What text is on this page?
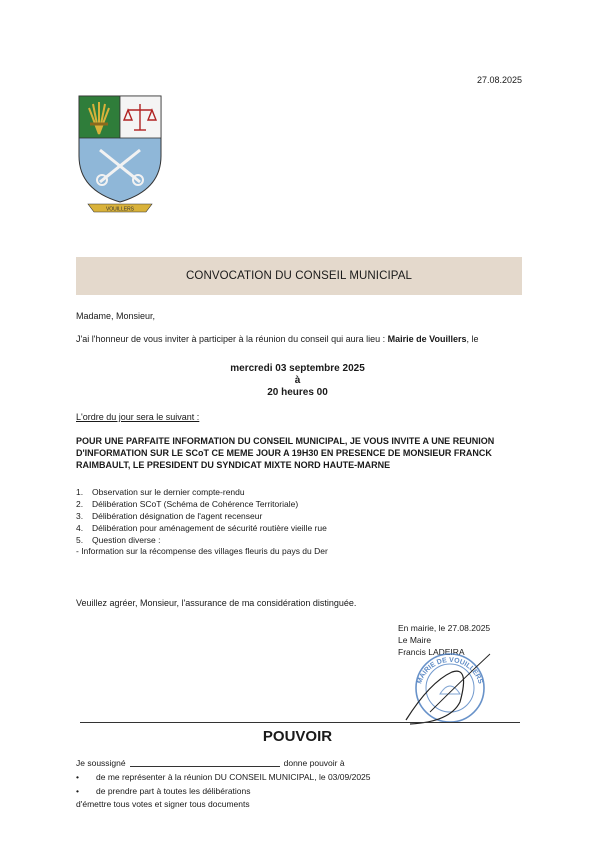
27.08.2025
VOUILLERS
CONVOCATION DU CONSEIL MUNICIPAL
Madame, Monsieur,
J'ai l'honneur de vous inviter à participer à la réunion du conseil qui aura lieu : Mairie de Vouillers, le
mercredi 03 septembre 2025
à
20 heures 00
L'ordre du jour sera le suivant :
POUR UNE PARFAITE INFORMATION DU CONSEIL MUNICIPAL, JE VOUS INVITE A UNE REUNION D'INFORMATION SUR LE SCoT CE MEME JOUR A 19H30 EN PRESENCE DE MONSIEUR FRANCK RAIMBAULT, LE PRESIDENT DU SYNDICAT MIXTE NORD HAUTE-MARNE
1. Observation sur le dernier compte-rendu
2. Délibération SCoT (Schéma de Cohérence Territoriale)
3. Délibération désignation de l'agent recenseur
4. Délibération pour aménagement de sécurité routière vieille rue
5. Question diverse :
- Information sur la récompense des villages fleuris du pays du Der
Veuillez agréer, Monsieur, l'assurance de ma considération distinguée.
En mairie, le 27.08.2025
Le Maire
Francis LADEIRA
MAIRIE DE VOUILLERS
POUVOIR
Je soussigné	donne pouvoir à
• de me représenter à la réunion DU CONSEIL MUNICIPAL, le 03/09/2025
• de prendre part à toutes les délibérations
d'émettre tous votes et signer tous documents
